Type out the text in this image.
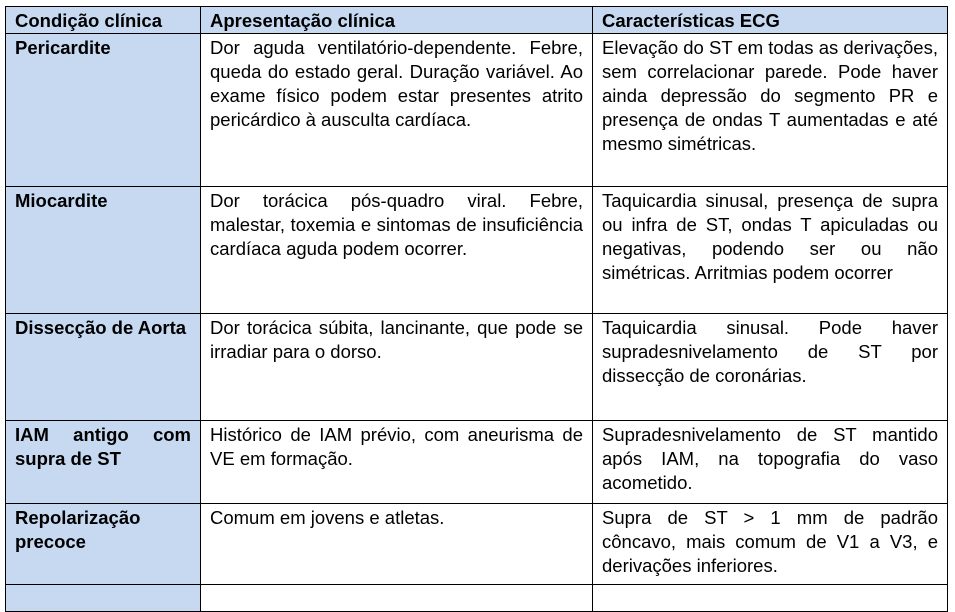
Condição clínica	Apresentação clínica	Características ECG
Pericardite	Dor aguda ventilatório-dependente. Febre, queda do estado geral. Duração variável. Ao exame físico podem estar presentes atrito pericárdico à ausculta cardíaca.	Elevação do ST em todas as derivações, sem correlacionar parede. Pode haver ainda depressão do segmento PR e presença de ondas T aumentadas e até mesmo simétricas.
Miocardite	Dor torácica pós-quadro viral. Febre, malestar, toxemia e sintomas de insuficiência cardíaca aguda podem ocorrer.	Taquicardia sinusal, presença de supra ou infra de ST, ondas T apiculadas ou negativas, podendo ser ou não simétricas. Arritmias podem ocorrer
Dissecção de Aorta	Dor torácica súbita, lancinante, que pode se irradiar para o dorso.	Taquicardia sinusal. Pode haver supradesnivelamento de ST por dissecção de coronárias.
IAM antigo com supra de ST	Histórico de IAM prévio, com aneurisma de VE em formação.	Supradesnivelamento de ST mantido após IAM, na topografia do vaso acometido.
Repolarização precoce	Comum em jovens e atletas.	Supra de ST > 1 mm de padrão côncavo, mais comum de V1 a V3, e derivações inferiores.
